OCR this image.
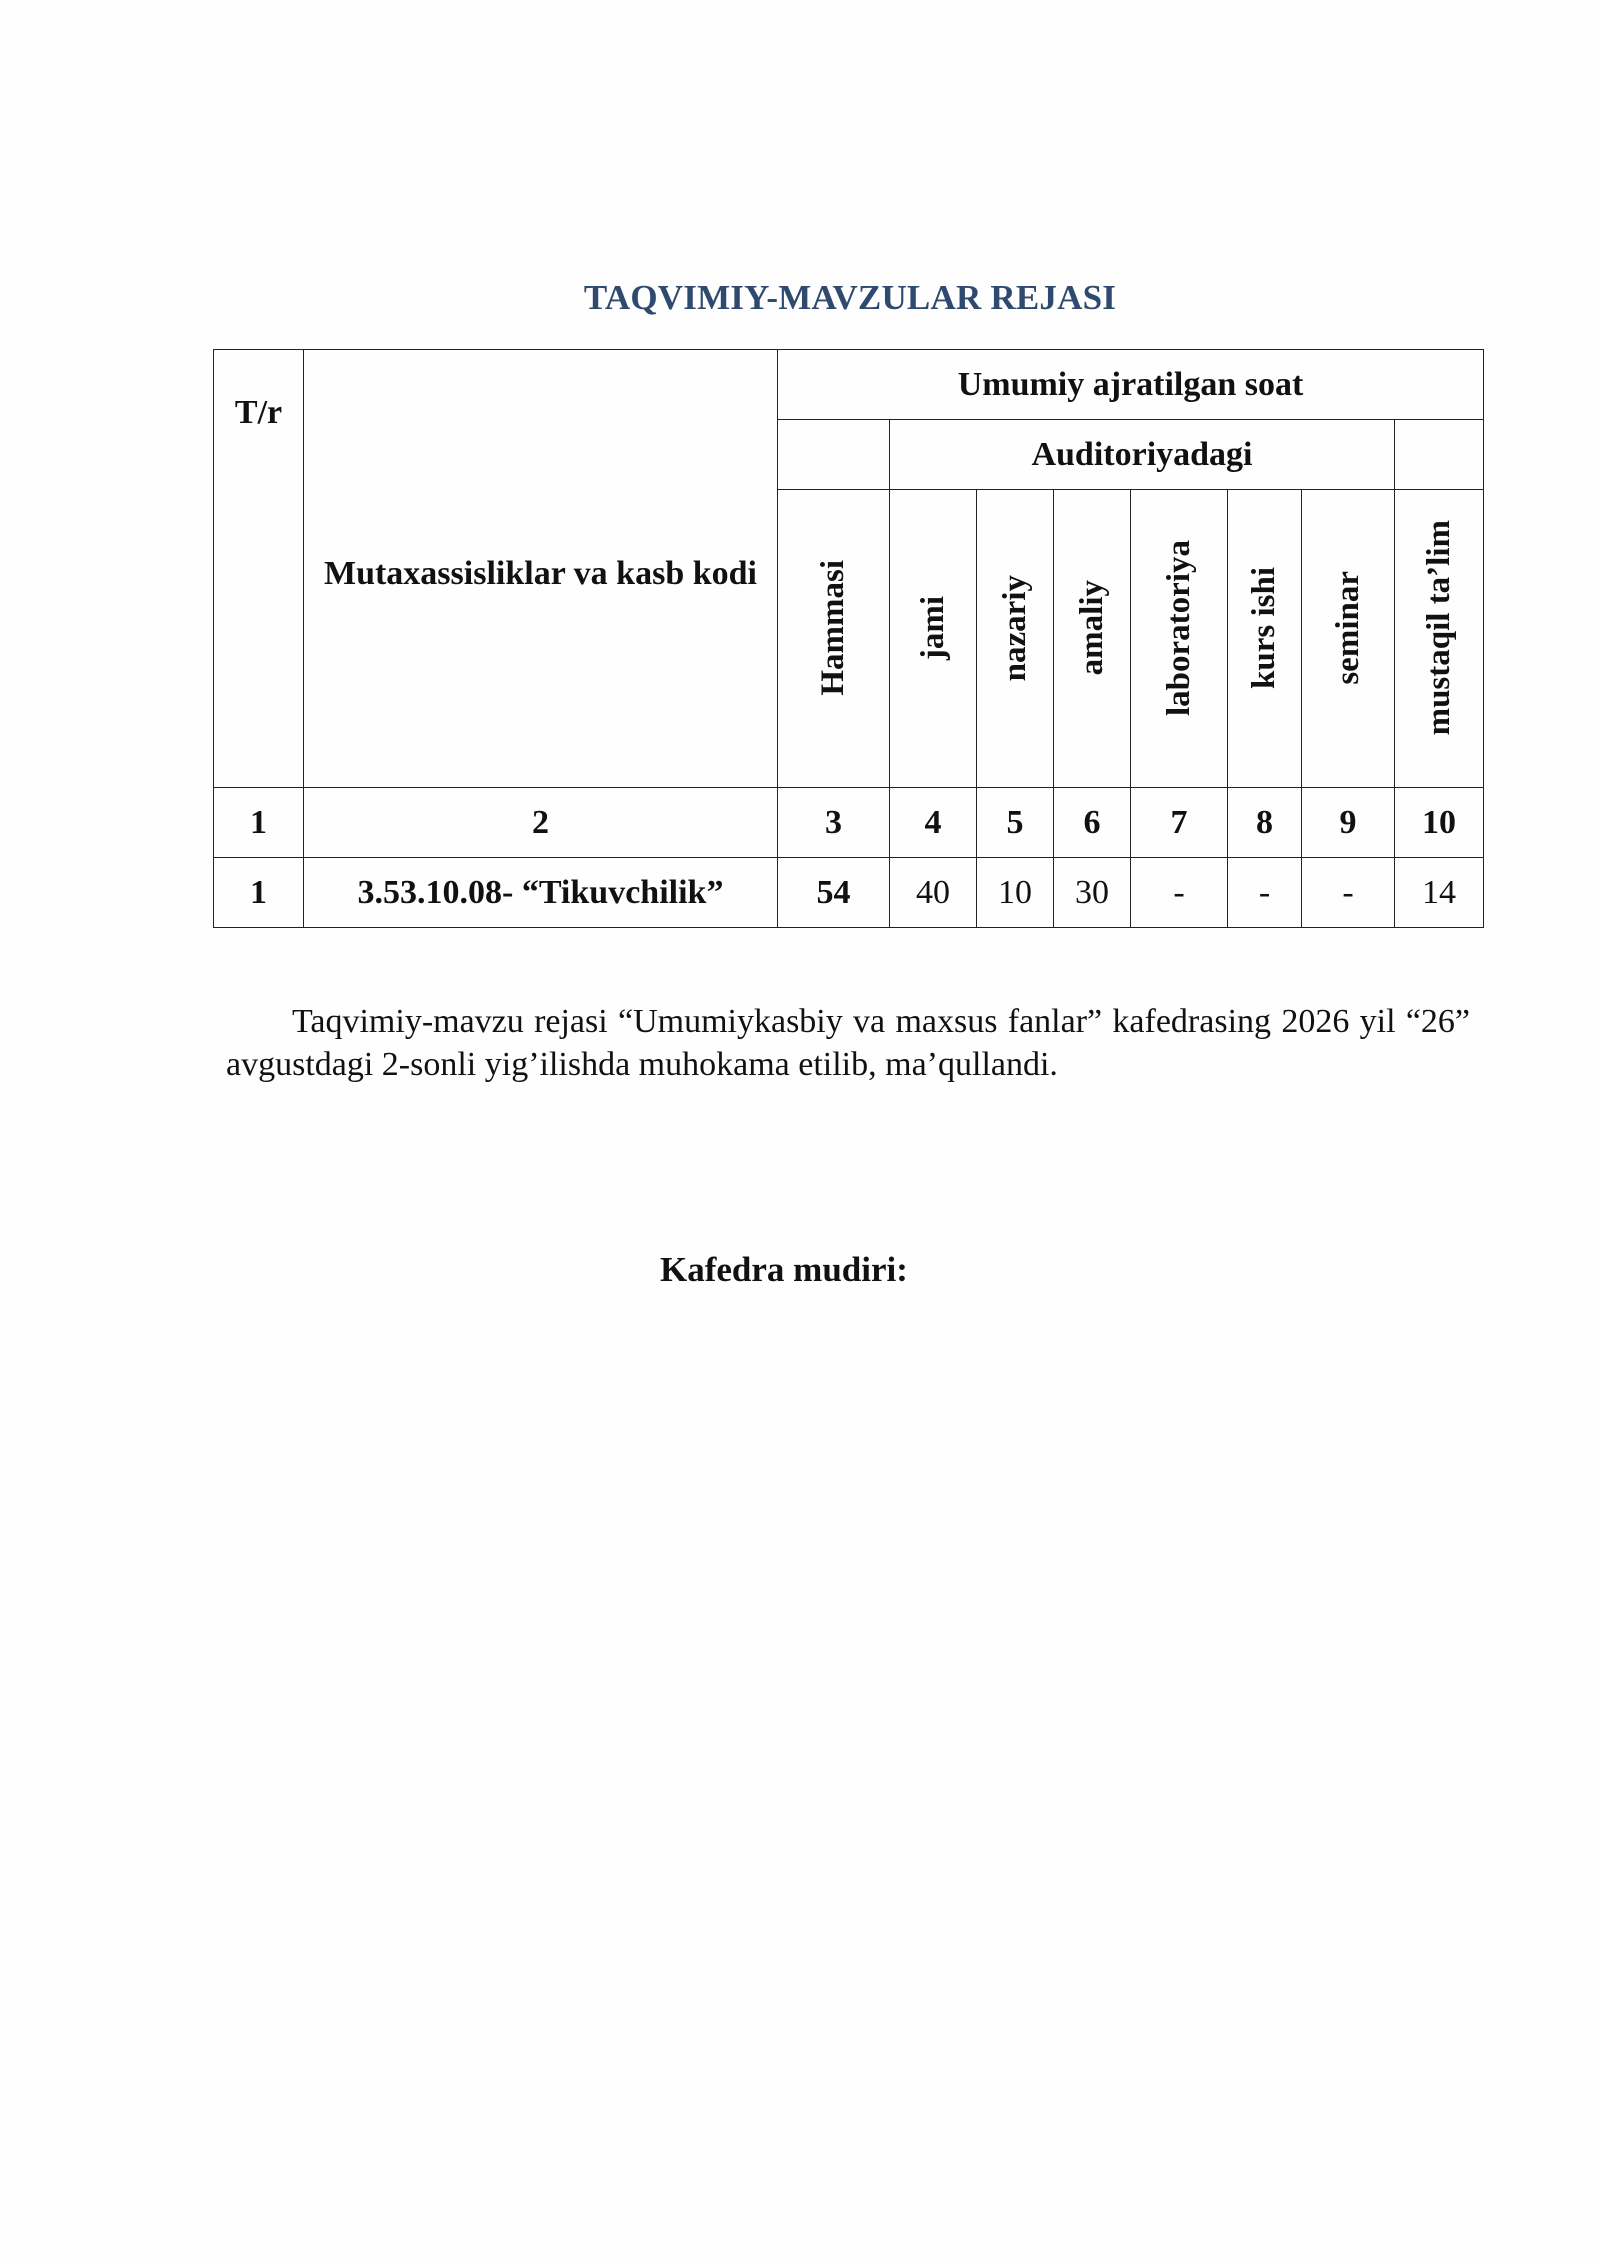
TAQVIMIY-MAVZULAR REJASI
T/r	Mutaxassisliklar va kasb kodi	Umumiy ajratilgan soat							
			Auditoriyadagi						
		Hammasi	jami	nazariy	amaliy	laboratoriya	kurs ishi	seminar	mustaqil ta’lim
1	2	3	4	5	6	7	8	9	10
1	3.53.10.08- “Tikuvchilik”	54	40	10	30	-	-	-	14
Taqvimiy-mavzu rejasi “Umumiykasbiy va maxsus fanlar” kafedrasing 2026 yil “26” avgustdagi 2-sonli yig’ilishda muhokama etilib, ma’qullandi.
Kafedra mudiri:
